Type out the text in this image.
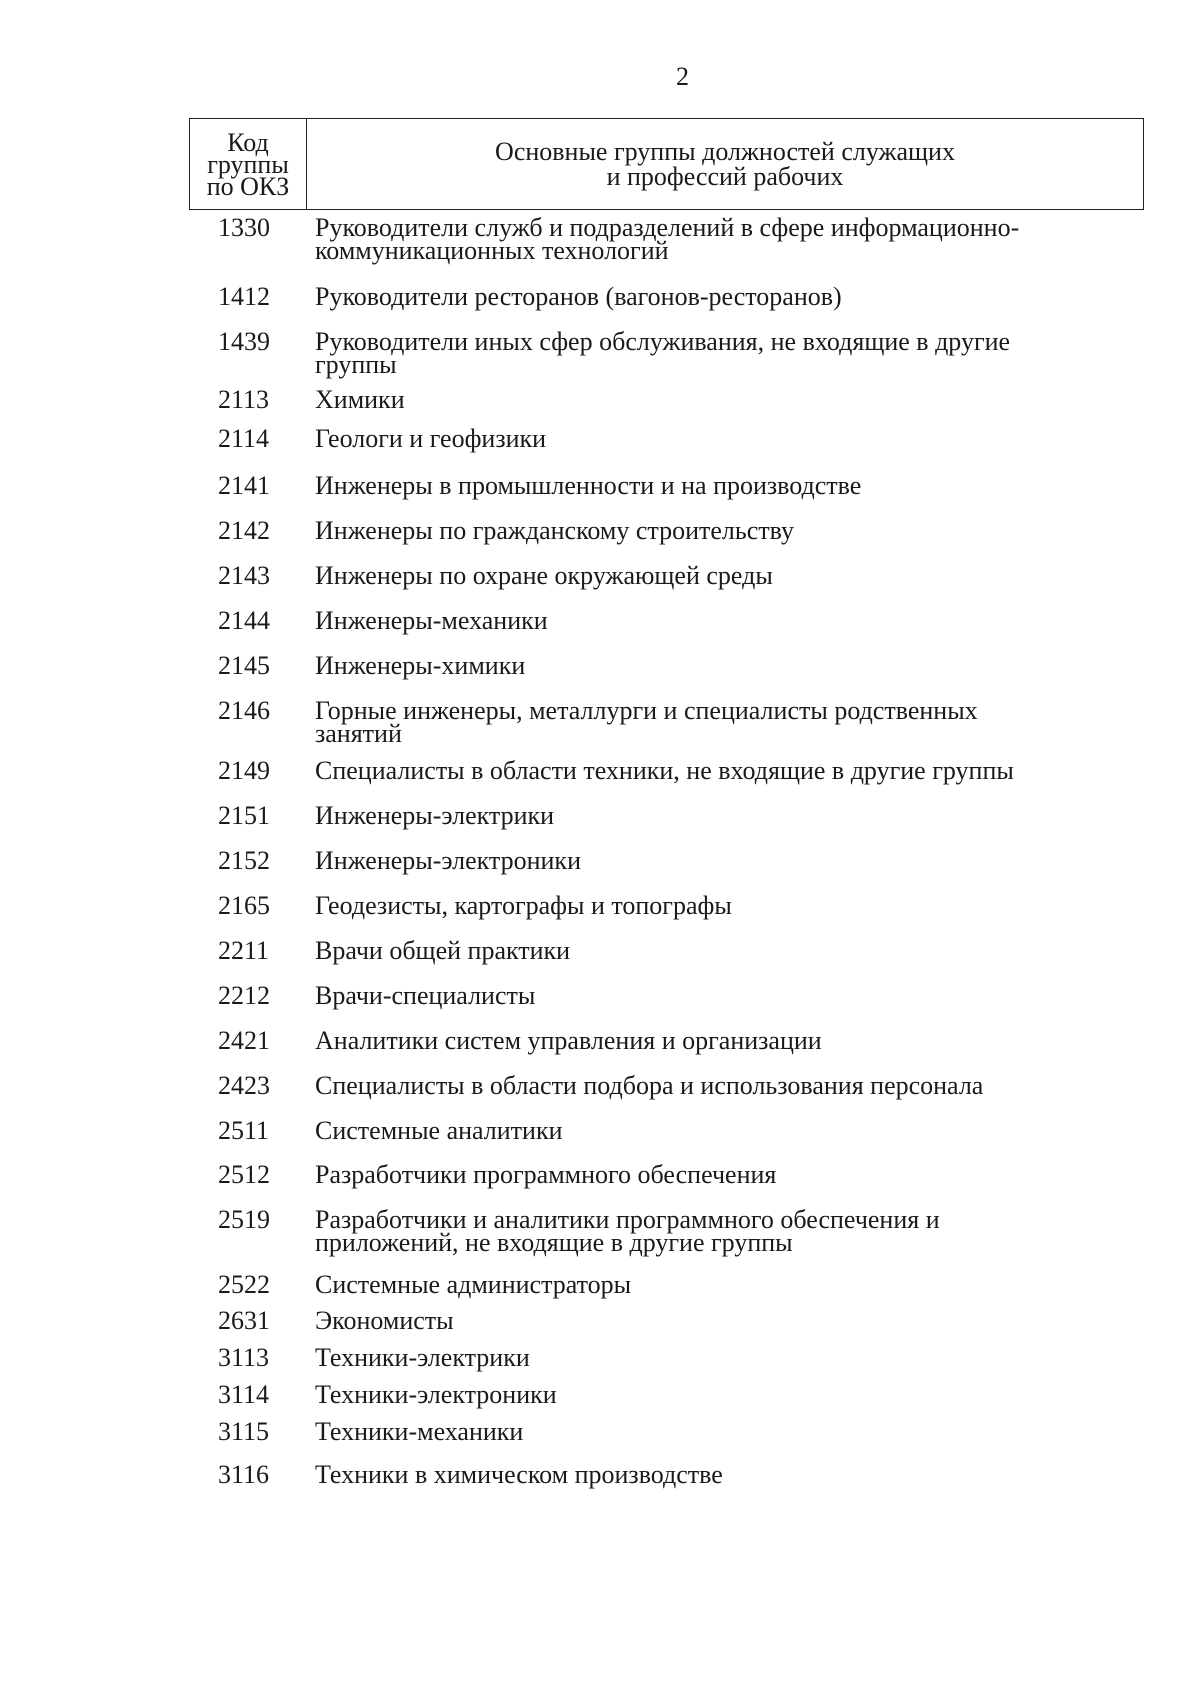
2
Код
группы
по ОКЗ
Основные группы должностей служащих
и профессий рабочих
1330 Руководители служб и подразделений в сфере информационно-
коммуникационных технологий
1412 Руководители ресторанов (вагонов-ресторанов)
1439 Руководители иных сфер обслуживания, не входящие в другие
группы
2113 Химики
2114 Геологи и геофизики
2141 Инженеры в промышленности и на производстве
2142 Инженеры по гражданскому строительству
2143 Инженеры по охране окружающей среды
2144 Инженеры-механики
2145 Инженеры-химики
2146 Горные инженеры, металлурги и специалисты родственных
занятий
2149 Специалисты в области техники, не входящие в другие группы
2151 Инженеры-электрики
2152 Инженеры-электроники
2165 Геодезисты, картографы и топографы
2211 Врачи общей практики
2212 Врачи-специалисты
2421 Аналитики систем управления и организации
2423 Специалисты в области подбора и использования персонала
2511 Системные аналитики
2512 Разработчики программного обеспечения
2519 Разработчики и аналитики программного обеспечения и
приложений, не входящие в другие группы
2522 Системные администраторы
2631 Экономисты
3113 Техники-электрики
3114 Техники-электроники
3115 Техники-механики
3116 Техники в химическом производстве
